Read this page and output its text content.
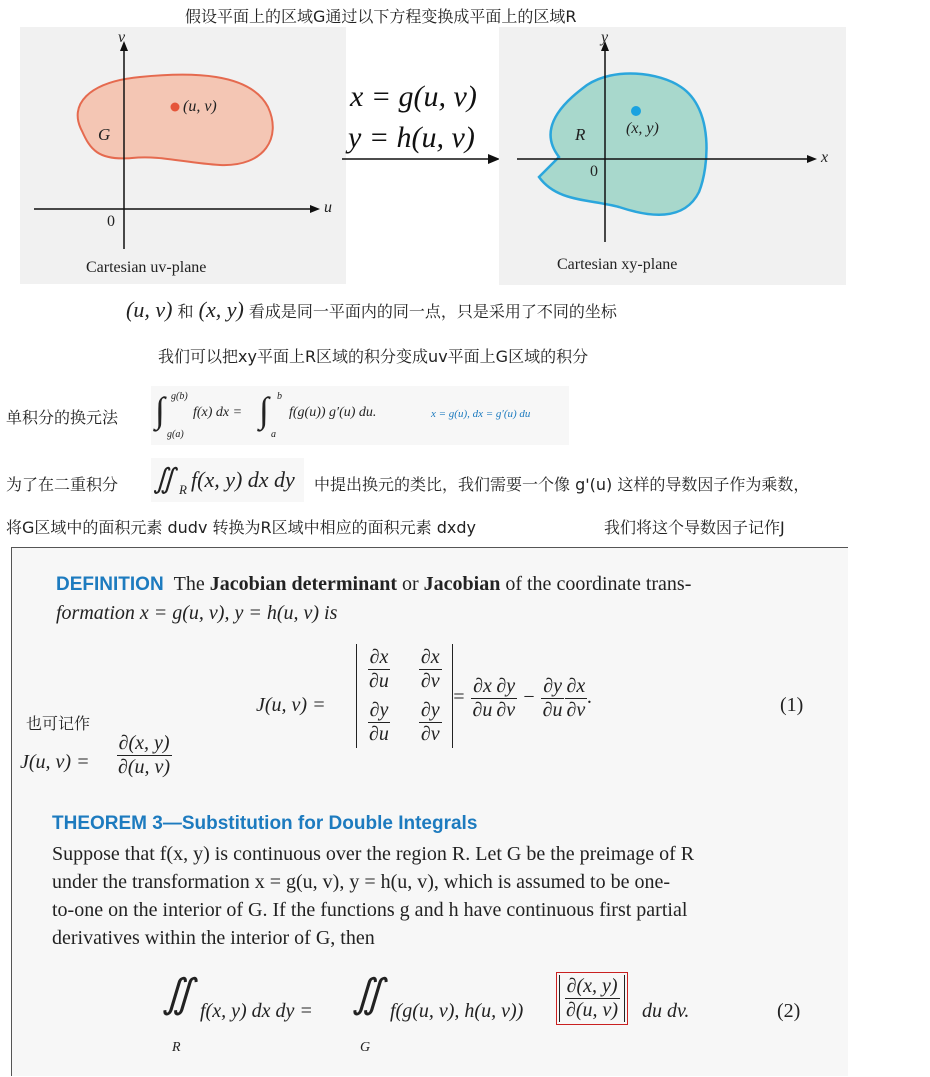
假设平面上的区域G通过以下方程变换成平面上的区域R
v
u
0
G
(u, v)
Cartesian uv-plane
x = g(u, v)
y = h(u, v)
y
x
0
R	(x, y)
Cartesian xy-plane
(u, v) 和 (x, y) 看成是同一平面内的同一点，只是采用了不同的坐标
我们可以把xy平面上R区域的积分变成uv平面上G区域的积分
单积分的换元法 ∫ g(b)
g(a)
f(x) dx = ∫ b
a
f(g(u)) g′(u) du.	x = g(u), dx = g′(u) du
为了在二重积分 ∬ R f(x, y) dx dy 中提出换元的类比，我们需要一个像 g'(u) 这样的导数因子作为乘数，
将G区域中的面积元素 dudv 转换为R区域中相应的面积元素 dxdy	我们将这个导数因子记作J
DEFINITION The Jacobian determinant or Jacobian of the coordinate trans-
formation x = g(u, v), y = h(u, v) is
J(u, v) =
$\frac{\partial x}{\partial u} \frac{\partial x}{\partial v}$
$\frac{\partial y}{\partial u} \frac{\partial y}{\partial v}$
= $\frac{\partial x}{\partial u} \frac{\partial y}{\partial v} - \frac{\partial y}{\partial u} \frac{\partial x}{\partial v}$ .	(1)
也可记作
J(u, $v) = \frac{\partial(x, y)}{\partial(u, v)}$
THEOREM 3—Substitution for Double Integrals
Suppose that f(x, y) is continuous over the region R. Let G be the preimage of R
under the transformation x = g(u, v), y = h(u, v), which is assumed to be one-
to-one on the interior of G. If the functions g and h have continuous first partial
derivatives within the interior of G, then
∬
R
f(x, y) dx dy = ∬
G
f(g(u, v), h(u, $v)) \frac{\partial(x, y)}{\partial(u, v)}$ du dv.	(2)
